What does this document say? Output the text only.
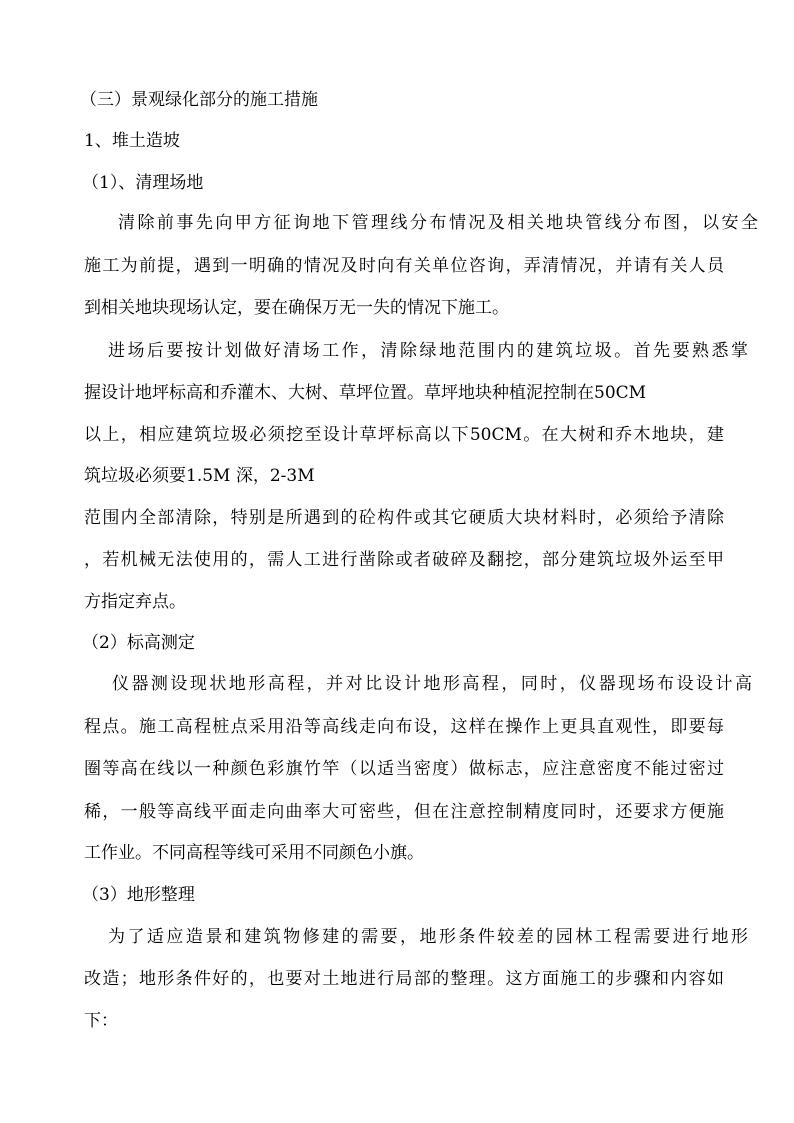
（三）景观绿化部分的施工措施
1、堆土造坡
（1）、清理场地
清除前事先向甲方征询地下管理线分布情况及相关地块管线分布图，以安全
施工为前提，遇到一明确的情况及时向有关单位咨询，弄清情况，并请有关人员
到相关地块现场认定，要在确保万无一失的情况下施工。
进场后要按计划做好清场工作，清除绿地范围内的建筑垃圾。首先要熟悉掌
握设计地坪标高和乔灌木、大树、草坪位置。草坪地块种植泥控制在50CM
以上，相应建筑垃圾必须挖至设计草坪标高以下50CM。在大树和乔木地块，建
筑垃圾必须要1.5M 深，2-3M
范围内全部清除，特别是所遇到的砼构件或其它硬质大块材料时，必须给予清除
，若机械无法使用的，需人工进行凿除或者破碎及翻挖，部分建筑垃圾外运至甲
方指定弃点。
（2）标高测定
仪器测设现状地形高程，并对比设计地形高程，同时，仪器现场布设设计高
程点。施工高程桩点采用沿等高线走向布设，这样在操作上更具直观性，即要每
圈等高在线以一种颜色彩旗竹竿（以适当密度）做标志，应注意密度不能过密过
稀，一般等高线平面走向曲率大可密些，但在注意控制精度同时，还要求方便施
工作业。不同高程等线可采用不同颜色小旗。
（3）地形整理
为了适应造景和建筑物修建的需要，地形条件较差的园林工程需要进行地形
改造；地形条件好的，也要对土地进行局部的整理。这方面施工的步骤和内容如
下：
